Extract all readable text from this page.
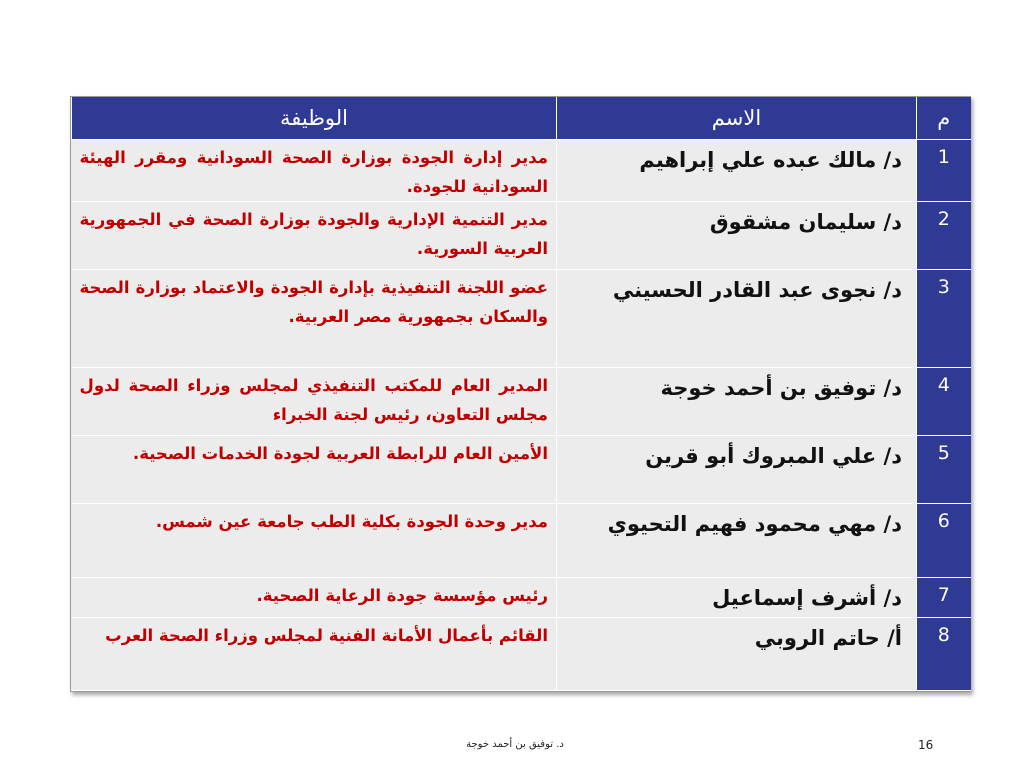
م	الاسم	الوظيفة
1	د/ مالك عبده علي إبراهيم	مدير إدارة الجودة بوزارة الصحة السودانية ومقرر الهيئة السودانية للجودة.
2	د/ سليمان مشقوق	مدير التنمية الإدارية والجودة بوزارة الصحة في الجمهورية العربية السورية.
3	د/ نجوى عبد القادر الحسيني	عضو اللجنة التنفيذية بإدارة الجودة والاعتماد بوزارة الصحة والسكان بجمهورية مصر العربية.
4	د/ توفيق بن أحمد خوجة	المدير العام للمكتب التنفيذي لمجلس وزراء الصحة لدول مجلس التعاون، رئيس لجنة الخبراء
5	د/ علي المبروك أبو قرين	الأمين العام للرابطة العربية لجودة الخدمات الصحية.
6	د/ مهي محمود فهيم التحيوي	مدير وحدة الجودة بكلية الطب جامعة عين شمس.
7	د/ أشرف إسماعيل	رئيس مؤسسة جودة الرعاية الصحية.
8	أ/ حاتم الروبي	القائم بأعمال الأمانة الفنية لمجلس وزراء الصحة العرب
د. توفيق بن أحمد خوجة	16
